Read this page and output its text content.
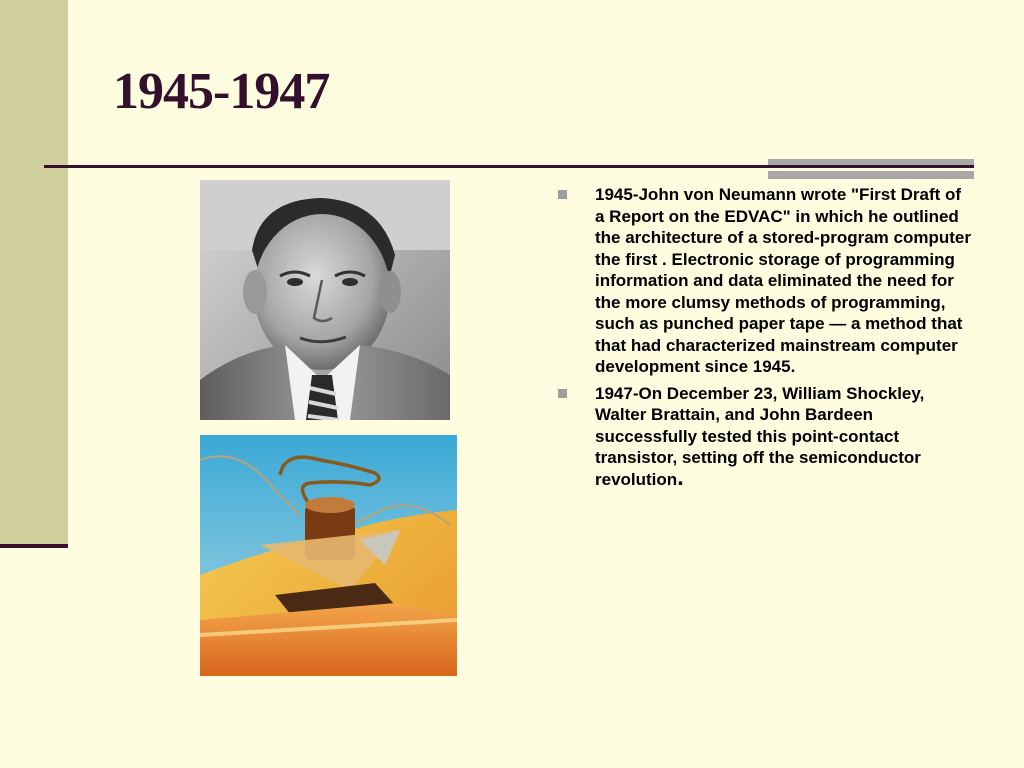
1945-1947
1945-John von Neumann wrote "First Draft of a Report on the EDVAC" in which he outlined the architecture of a stored-program computer the first . Electronic storage of programming information and data eliminated the need for the more clumsy methods of programming, such as punched paper tape — a method that that had characterized mainstream computer development since 1945.
1947-On December 23, William Shockley, Walter Brattain, and John Bardeen successfully tested this point-contact transistor, setting off the semiconductor revolution.
